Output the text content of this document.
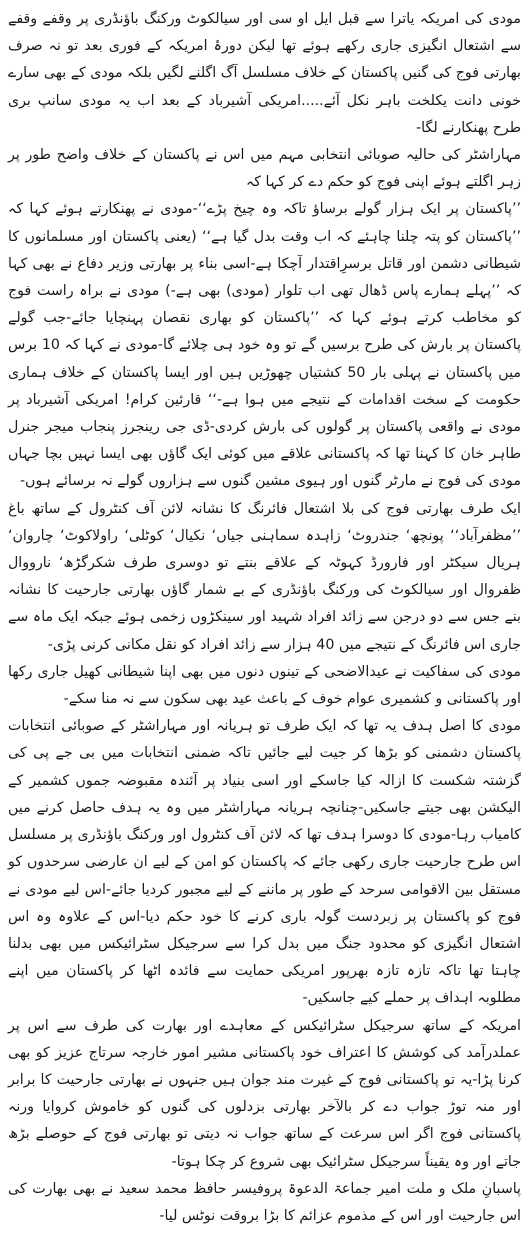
مودی کی امریکہ یاترا سے قبل ایل او سی اور سیالکوٹ ورکنگ باؤنڈری پر وقفے وقفے سے اشتعال انگیزی جاری رکھے ہوئے تھا لیکن دورۂ امریکہ کے فوری بعد تو نہ صرف بھارتی فوج کی گنیں پاکستان کے خلاف مسلسل آگ اگلنے لگیں بلکہ مودی کے بھی سارے خونی دانت یکلخت باہر نکل آئے.....امریکی آشیرباد کے بعد اب یہ مودی سانپ بری طرح پھنکارنے لگا-

مہاراشٹر کی حالیہ صوبائی انتخابی مہم میں اس نے پاکستان کے خلاف واضح طور پر زہر اگلتے ہوئے اپنی فوج کو حکم دے کر کہا کہ

’’پاکستان پر ایک ہزار گولے برساؤ تاکہ وہ چیخ پڑے‘‘-مودی نے پھنکارتے ہوئے کہا کہ ’’پاکستان کو پتہ چلنا چاہئے کہ اب وقت بدل گیا ہے‘‘ (یعنی پاکستان اور مسلمانوں کا شیطانی دشمن اور قاتل برسرِاقتدار آچکا ہے-اسی بناء پر بھارتی وزیر دفاع نے بھی کہا کہ ’’پہلے ہمارے پاس ڈھال تھی اب تلوار (مودی) بھی ہے-) مودی نے براہ راست فوج کو مخاطب کرتے ہوئے کہا کہ ’’پاکستان کو بھاری نقصان پہنچایا جائے-جب گولے پاکستان پر بارش کی طرح برسیں گے تو وہ خود ہی چلائے گا-مودی نے کہا کہ 10 برس میں پاکستان نے پہلی بار 50 کشتیاں چھوڑیں ہیں اور ایسا پاکستان کے خلاف ہماری حکومت کے سخت اقدامات کے نتیجے میں ہوا ہے-‘‘ قارئین کرام! امریکی آشیرباد پر مودی نے واقعی پاکستان پر گولوں کی بارش کردی-ڈی جی رینجرز پنجاب میجر جنرل طاہر خان کا کہنا تھا کہ پاکستانی علاقے میں کوئی ایک گاؤں بھی ایسا نہیں بچا جہاں مودی کی فوج نے مارٹر گنوں اور ہیوی مشین گنوں سے ہزاروں گولے نہ برسائے ہوں-

ایک طرف بھارتی فوج کی بلا اشتعال فائرنگ کا نشانہ لائن آف کنٹرول کے ساتھ باغ ’’مظفرآباد‘‘ پونچھ‘ جندروٹ‘ زاہدہ سماہنی جیاں‘ نکیال‘ کوٹلی‘ راولاکوٹ‘ چاروان‘ ہریال سیکٹر اور فارورڈ کہوٹہ کے علاقے بنتے تو دوسری طرف شکرگڑھ‘ نارووال ظفروال اور سیالکوٹ کی ورکنگ باؤنڈری کے بے شمار گاؤں بھارتی جارحیت کا نشانہ بنے جس سے دو درجن سے زائد افراد شہید اور سینکڑوں زخمی ہوئے جبکہ ایک ماہ سے جاری اس فائرنگ کے نتیجے میں 40 ہزار سے زائد افراد کو نقل مکانی کرنی پڑی-

مودی کی سفاکیت نے عیدالاضحی کے تینوں دنوں میں بھی اپنا شیطانی کھیل جاری رکھا اور پاکستانی و کشمیری عوام خوف کے باعث عید بھی سکون سے نہ منا سکے-

مودی کا اصل ہدف یہ تھا کہ ایک طرف تو ہریانہ اور مہاراشٹر کے صوبائی انتخابات پاکستان دشمنی کو بڑھا کر جیت لیے جائیں تاکہ ضمنی انتخابات میں بی جے پی کی گزشتہ شکست کا ازالہ کیا جاسکے اور اسی بنیاد پر آئندہ مقبوضہ جموں کشمیر کے الیکشن بھی جیتے جاسکیں-چنانچہ ہریانہ مہاراشٹر میں وہ یہ ہدف حاصل کرنے میں کامیاب رہا-مودی کا دوسرا ہدف تھا کہ لائن آف کنٹرول اور ورکنگ باؤنڈری پر مسلسل اس طرح جارحیت جاری رکھی جائے کہ پاکستان کو امن کے لیے ان عارضی سرحدوں کو مستقل بین الاقوامی سرحد کے طور پر ماننے کے لیے مجبور کردیا جائے-اس لیے مودی نے فوج کو پاکستان پر زبردست گولہ باری کرنے کا خود حکم دیا-اس کے علاوہ وہ اس اشتعال انگیزی کو محدود جنگ میں بدل کرا سے سرجیکل سٹرائیکس میں بھی بدلنا چاہتا تھا تاکہ تازہ تازہ بھرپور امریکی حمایت سے فائدہ اٹھا کر پاکستان میں اپنے مطلوبہ اہداف پر حملے کیے جاسکیں-

امریکہ کے ساتھ سرجیکل سٹرائیکس کے معاہدے اور بھارت کی طرف سے اس پر عملدرآمد کی کوشش کا اعتراف خود پاکستانی مشیر امور خارجہ سرتاج عزیز کو بھی کرنا پڑا-یہ تو پاکستانی فوج کے غیرت مند جوان ہیں جنہوں نے بھارتی جارحیت کا برابر اور منہ توڑ جواب دے کر بالآخر بھارتی بزدلوں کی گنوں کو خاموش کروایا ورنہ پاکستانی فوج اگر اس سرعت کے ساتھ جواب نہ دیتی تو بھارتی فوج کے حوصلے بڑھ جاتے اور وہ یقیناً سرجیکل سٹرائیک بھی شروع کر چکا ہوتا-

پاسبانِ ملک و ملت امیر جماعۃ الدعوۃ پروفیسر حافظ محمد سعید نے بھی بھارت کی اس جارحیت اور اس کے مذموم عزائم کا بڑا بروقت نوٹس لیا-
